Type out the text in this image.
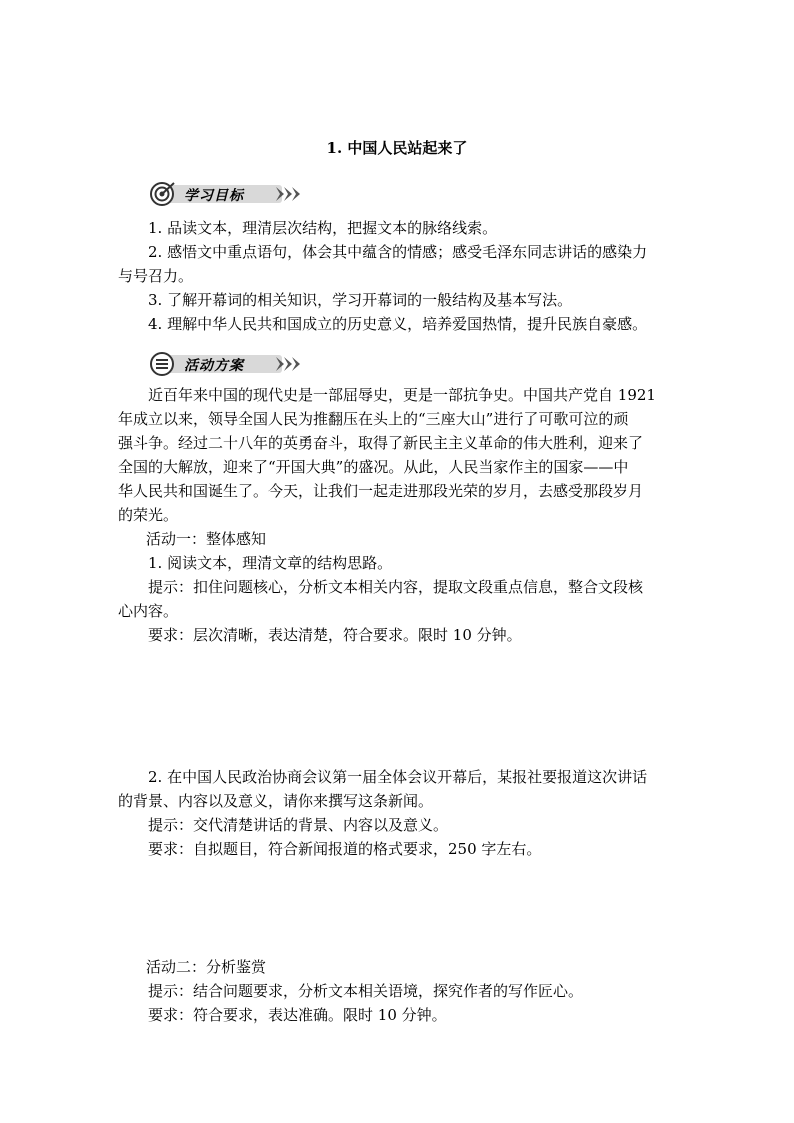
1. 中国人民站起来了
学习目标
1. 品读文本，理清层次结构，把握文本的脉络线索。
2. 感悟文中重点语句，体会其中蕴含的情感；感受毛泽东同志讲话的感染力
与号召力。
3. 了解开幕词的相关知识，学习开幕词的一般结构及基本写法。
4. 理解中华人民共和国成立的历史意义，培养爱国热情，提升民族自豪感。
活动方案
近百年来中国的现代史是一部屈辱史，更是一部抗争史。中国共产党自 1921
年成立以来，领导全国人民为推翻压在头上的“三座大山”进行了可歌可泣的顽
强斗争。经过二十八年的英勇奋斗，取得了新民主主义革命的伟大胜利，迎来了
全国的大解放，迎来了“开国大典”的盛况。从此，人民当家作主的国家——中
华人民共和国诞生了。今天，让我们一起走进那段光荣的岁月，去感受那段岁月
的荣光。
活动一：整体感知
1. 阅读文本，理清文章的结构思路。
提示：扣住问题核心，分析文本相关内容，提取文段重点信息，整合文段核
心内容。
要求：层次清晰，表达清楚，符合要求。限时 10 分钟。
2. 在中国人民政治协商会议第一届全体会议开幕后，某报社要报道这次讲话
的背景、内容以及意义，请你来撰写这条新闻。
提示：交代清楚讲话的背景、内容以及意义。
要求：自拟题目，符合新闻报道的格式要求，250 字左右。
活动二：分析鉴赏
提示：结合问题要求，分析文本相关语境，探究作者的写作匠心。
要求：符合要求，表达准确。限时 10 分钟。
